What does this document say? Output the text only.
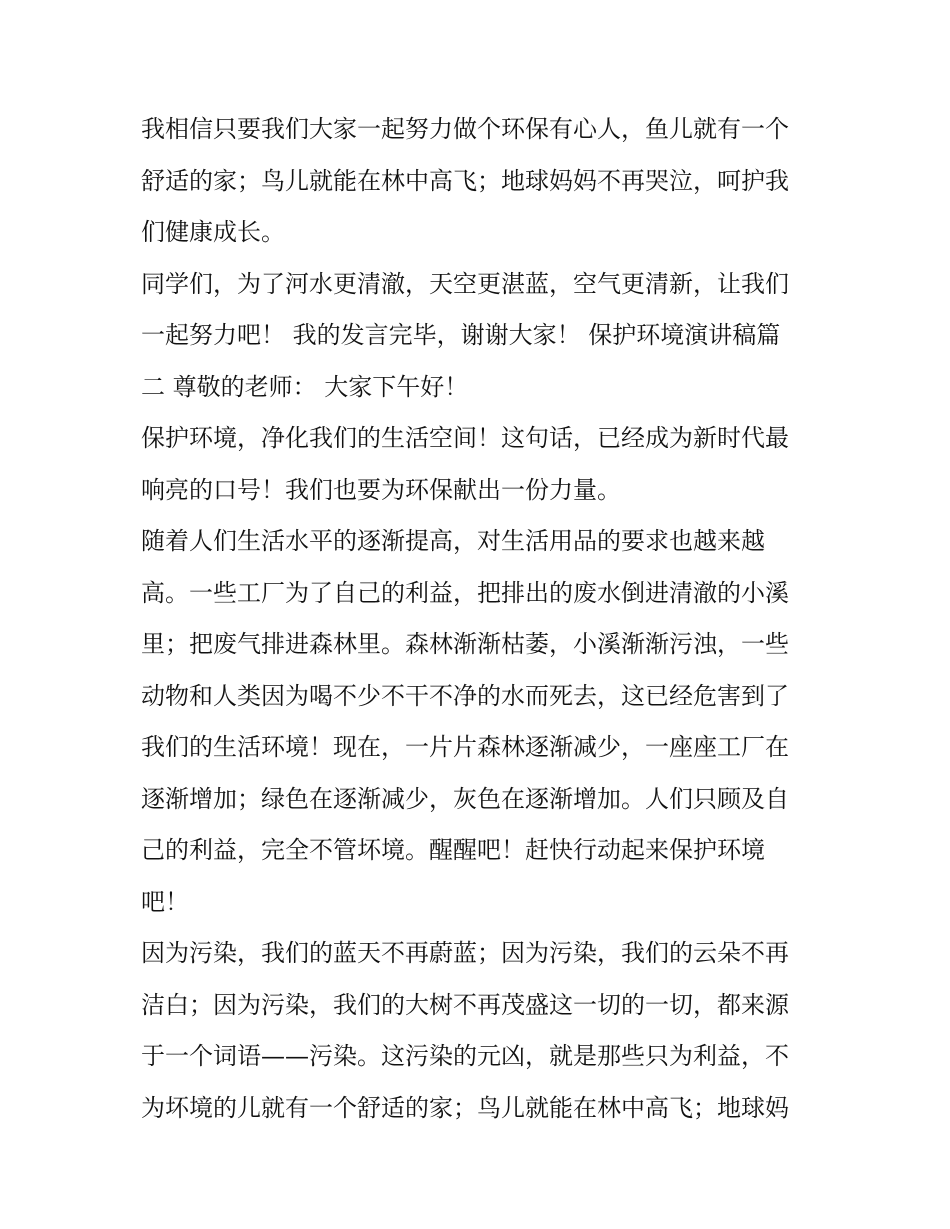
我相信只要我们大家一起努力做个环保有心人，鱼儿就有一个
舒适的家；鸟儿就能在林中高飞；地球妈妈不再哭泣，呵护我
们健康成长。
同学们，为了河水更清澈，天空更湛蓝，空气更清新，让我们
一起努力吧！ 我的发言完毕，谢谢大家！ 保护环境演讲稿篇
二 尊敬的老师： 大家下午好！
保护环境，净化我们的生活空间！这句话，已经成为新时代最
响亮的口号！我们也要为环保献出一份力量。
随着人们生活水平的逐渐提高，对生活用品的要求也越来越
高。一些工厂为了自己的利益，把排出的废水倒进清澈的小溪
里；把废气排进森林里。森林渐渐枯萎，小溪渐渐污浊，一些
动物和人类因为喝不少不干不净的水而死去，这已经危害到了
我们的生活环境！现在，一片片森林逐渐减少，一座座工厂在
逐渐增加；绿色在逐渐减少，灰色在逐渐增加。人们只顾及自
己的利益，完全不管坏境。醒醒吧！赶快行动起来保护环境
吧！
因为污染，我们的蓝天不再蔚蓝；因为污染，我们的云朵不再
洁白；因为污染，我们的大树不再茂盛这一切的一切，都来源
于一个词语——污染。这污染的元凶，就是那些只为利益，不
为坏境的儿就有一个舒适的家；鸟儿就能在林中高飞；地球妈
